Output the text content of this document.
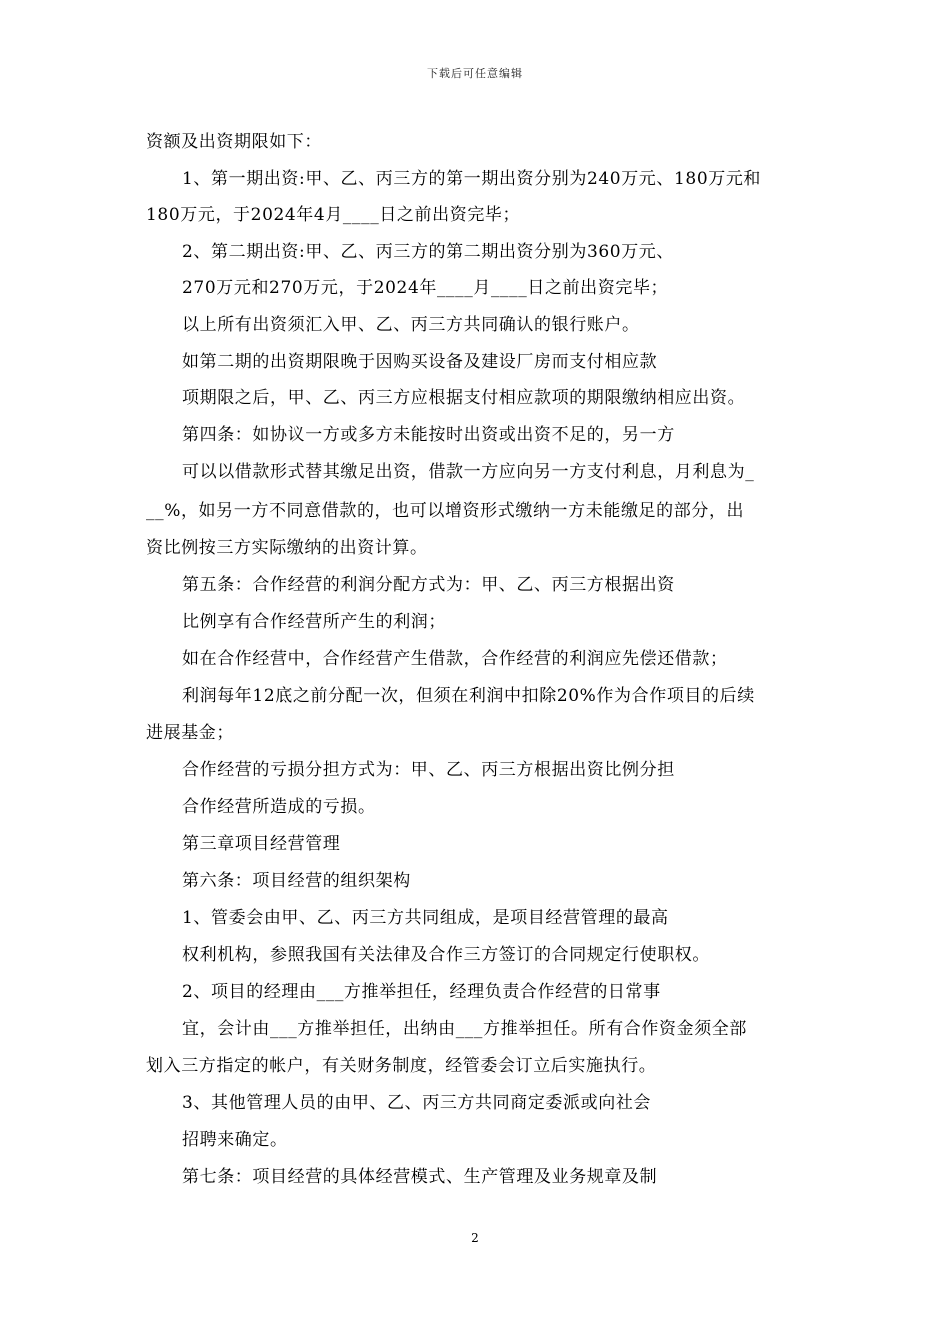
下载后可任意编辑
资额及出资期限如下：
1、第一期出资:甲、乙、丙三方的第一期出资分别为240万元、180万元和
180万元，于2024年4月____日之前出资完毕；
2、第二期出资:甲、乙、丙三方的第二期出资分别为360万元、
270万元和270万元，于2024年____月____日之前出资完毕；
以上所有出资须汇入甲、乙、丙三方共同确认的银行账户。
如第二期的出资期限晚于因购买设备及建设厂房而支付相应款
项期限之后，甲、乙、丙三方应根据支付相应款项的期限缴纳相应出资。
第四条：如协议一方或多方未能按时出资或出资不足的，另一方
可以以借款形式替其缴足出资，借款一方应向另一方支付利息，月利息为_
__%，如另一方不同意借款的，也可以增资形式缴纳一方未能缴足的部分，出
资比例按三方实际缴纳的出资计算。
第五条：合作经营的利润分配方式为：甲、乙、丙三方根据出资
比例享有合作经营所产生的利润；
如在合作经营中，合作经营产生借款，合作经营的利润应先偿还借款；
利润每年12底之前分配一次，但须在利润中扣除20%作为合作项目的后续
进展基金；
合作经营的亏损分担方式为：甲、乙、丙三方根据出资比例分担
合作经营所造成的亏损。
第三章项目经营管理
第六条：项目经营的组织架构
1、管委会由甲、乙、丙三方共同组成，是项目经营管理的最高
权利机构，参照我国有关法律及合作三方签订的合同规定行使职权。
2、项目的经理由___方推举担任，经理负责合作经营的日常事
宜，会计由___方推举担任，出纳由___方推举担任。所有合作资金须全部
划入三方指定的帐户，有关财务制度，经管委会订立后实施执行。
3、其他管理人员的由甲、乙、丙三方共同商定委派或向社会
招聘来确定。
第七条：项目经营的具体经营模式、生产管理及业务规章及制
2
